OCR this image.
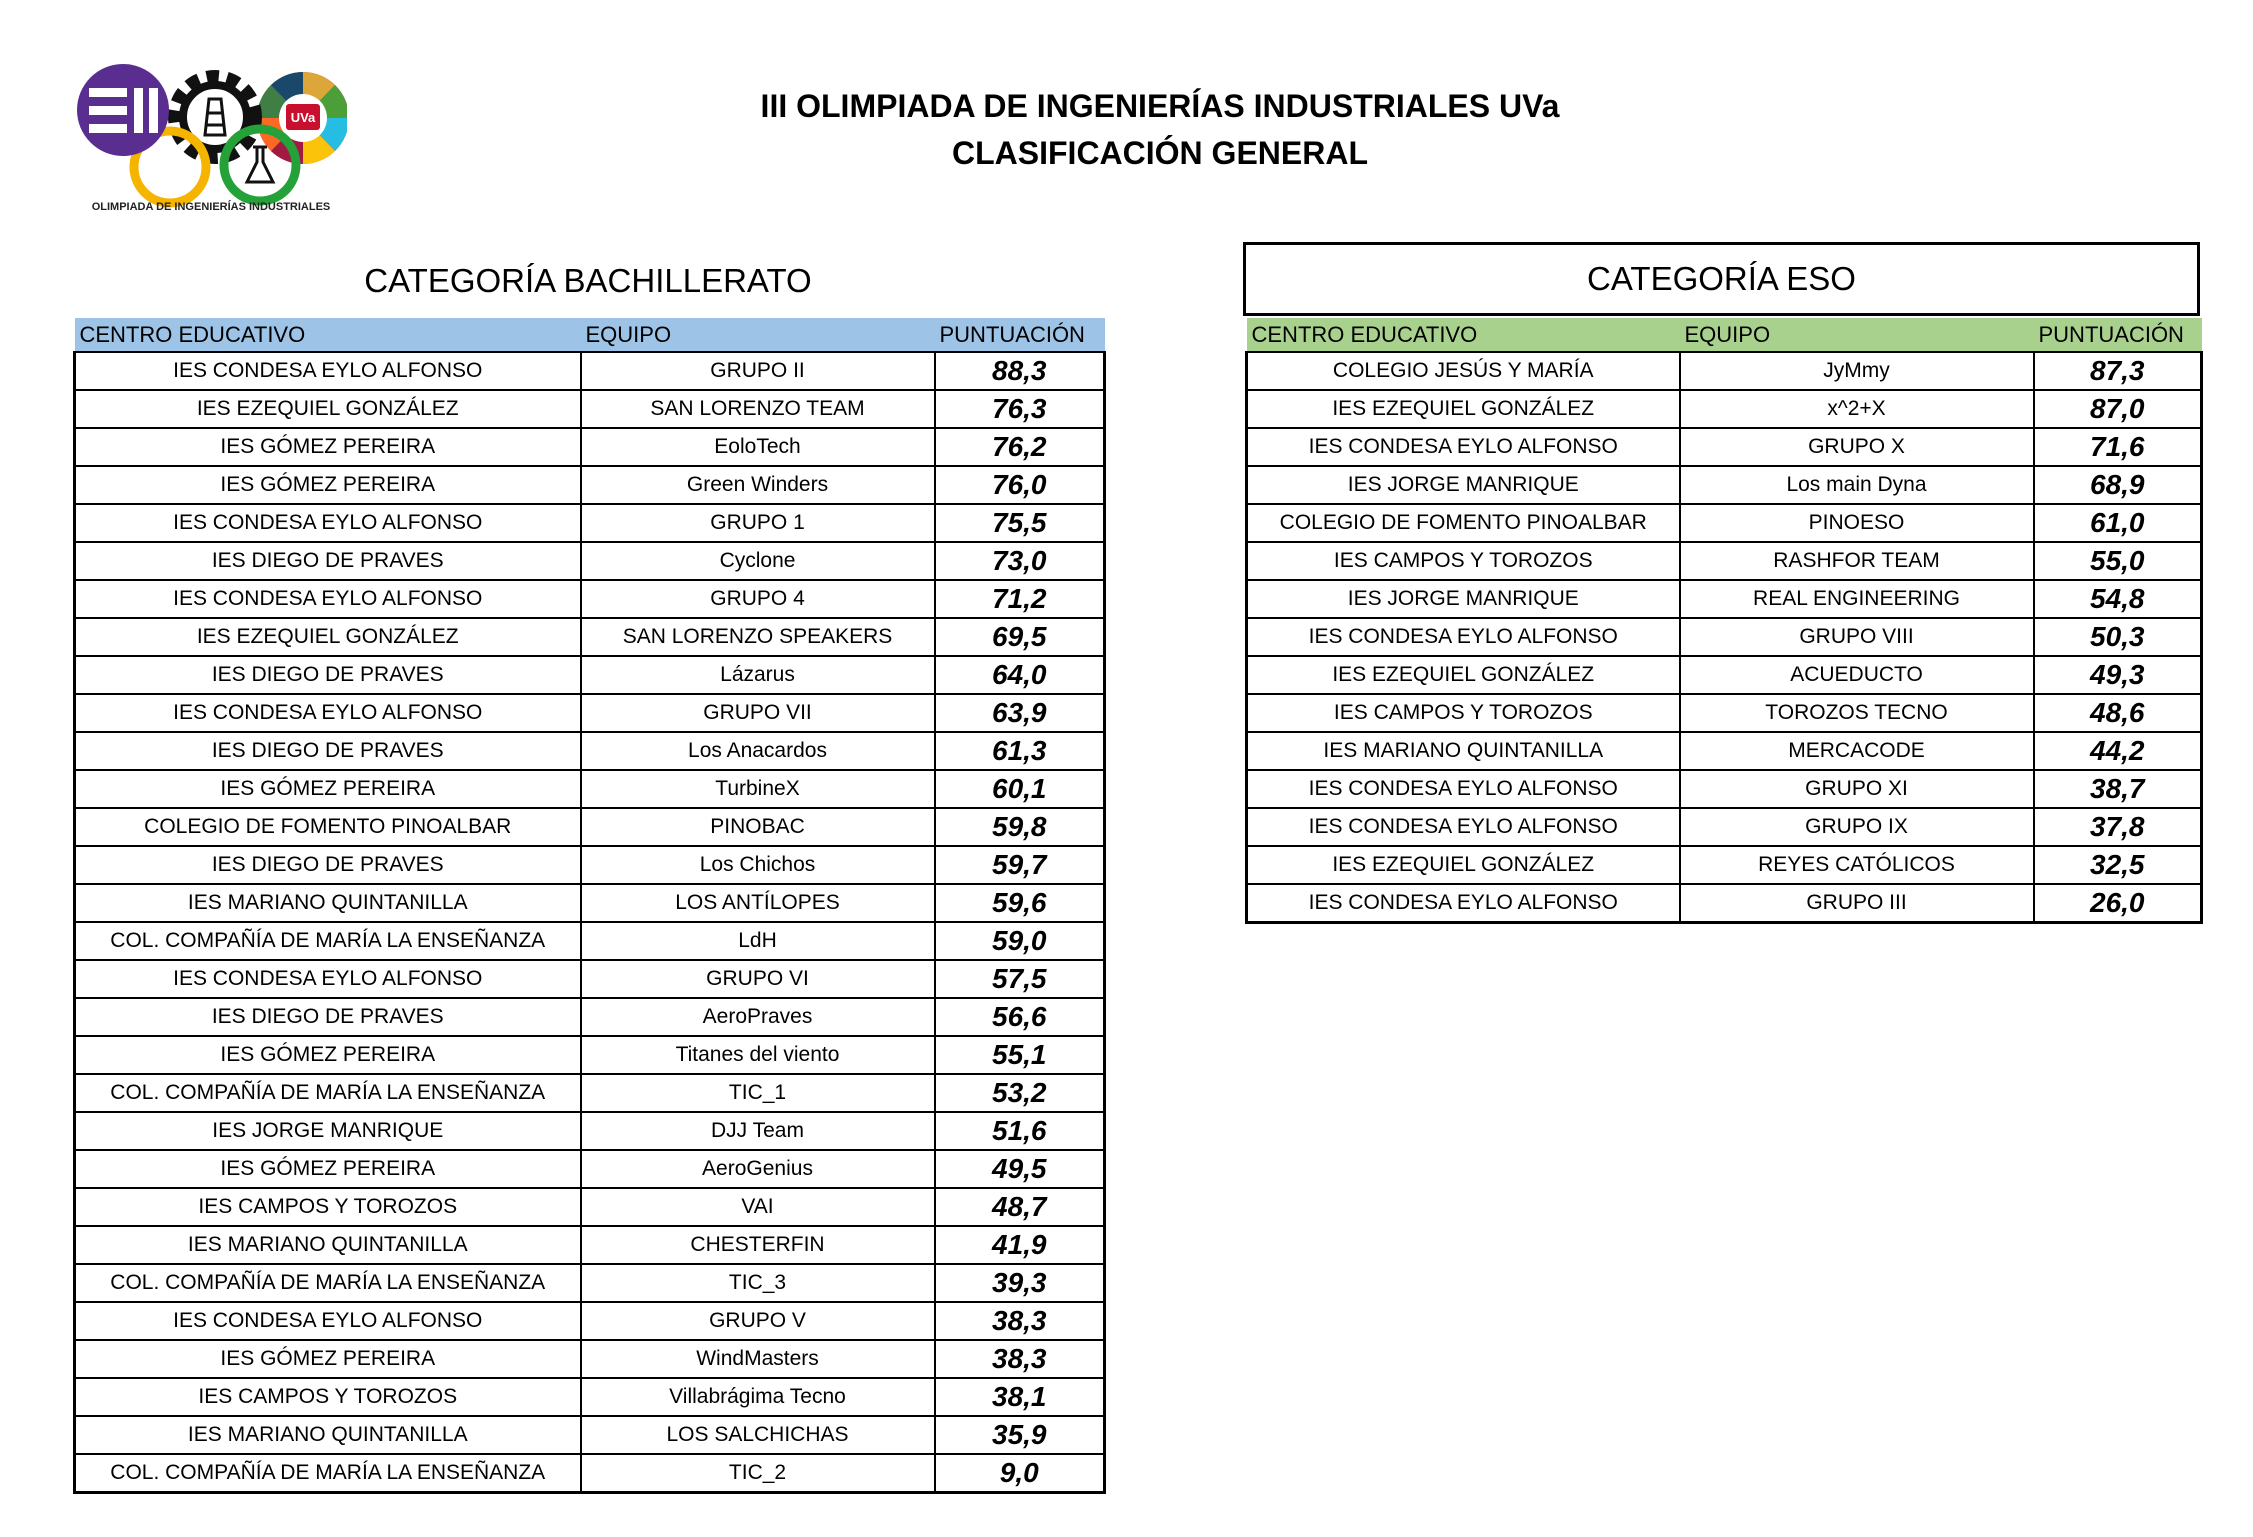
UVa
OLIMPIADA DE INGENIERÍAS INDUSTRIALES
III OLIMPIADA DE INGENIERÍAS INDUSTRIALES UVa
CLASIFICACIÓN GENERAL
CATEGORÍA BACHILLERATO	CATEGORÍA ESO
CENTRO EDUCATIVO	EQUIPO	PUNTUACIÓN
IES CONDESA EYLO ALFONSO	GRUPO II	88,3
IES EZEQUIEL GONZÁLEZ	SAN LORENZO TEAM	76,3
IES GÓMEZ PEREIRA	EoloTech	76,2
IES GÓMEZ PEREIRA	Green Winders	76,0
IES CONDESA EYLO ALFONSO	GRUPO 1	75,5
IES DIEGO DE PRAVES	Cyclone	73,0
IES CONDESA EYLO ALFONSO	GRUPO 4	71,2
IES EZEQUIEL GONZÁLEZ	SAN LORENZO SPEAKERS	69,5
IES DIEGO DE PRAVES	Lázarus	64,0
IES CONDESA EYLO ALFONSO	GRUPO VII	63,9
IES DIEGO DE PRAVES	Los Anacardos	61,3
IES GÓMEZ PEREIRA	TurbineX	60,1
COLEGIO DE FOMENTO PINOALBAR	PINOBAC	59,8
IES DIEGO DE PRAVES	Los Chichos	59,7
IES MARIANO QUINTANILLA	LOS ANTÍLOPES	59,6
COL. COMPAÑÍA DE MARÍA LA ENSEÑANZA	LdH	59,0
IES CONDESA EYLO ALFONSO	GRUPO VI	57,5
IES DIEGO DE PRAVES	AeroPraves	56,6
IES GÓMEZ PEREIRA	Titanes del viento	55,1
COL. COMPAÑÍA DE MARÍA LA ENSEÑANZA	TIC_1	53,2
IES JORGE MANRIQUE	DJJ Team	51,6
IES GÓMEZ PEREIRA	AeroGenius	49,5
IES CAMPOS Y TOROZOS	VAI	48,7
IES MARIANO QUINTANILLA	CHESTERFIN	41,9
COL. COMPAÑÍA DE MARÍA LA ENSEÑANZA	TIC_3	39,3
IES CONDESA EYLO ALFONSO	GRUPO V	38,3
IES GÓMEZ PEREIRA	WindMasters	38,3
IES CAMPOS Y TOROZOS	Villabrágima Tecno	38,1
IES MARIANO QUINTANILLA	LOS SALCHICHAS	35,9
COL. COMPAÑÍA DE MARÍA LA ENSEÑANZA	TIC_2	9,0
CENTRO EDUCATIVO	EQUIPO	PUNTUACIÓN
COLEGIO JESÚS Y MARÍA	JyMmy	87,3
IES EZEQUIEL GONZÁLEZ	x^2+X	87,0
IES CONDESA EYLO ALFONSO	GRUPO X	71,6
IES JORGE MANRIQUE	Los main Dyna	68,9
COLEGIO DE FOMENTO PINOALBAR	PINOESO	61,0
IES CAMPOS Y TOROZOS	RASHFOR TEAM	55,0
IES JORGE MANRIQUE	REAL ENGINEERING	54,8
IES CONDESA EYLO ALFONSO	GRUPO VIII	50,3
IES EZEQUIEL GONZÁLEZ	ACUEDUCTO	49,3
IES CAMPOS Y TOROZOS	TOROZOS TECNO	48,6
IES MARIANO QUINTANILLA	MERCACODE	44,2
IES CONDESA EYLO ALFONSO	GRUPO XI	38,7
IES CONDESA EYLO ALFONSO	GRUPO IX	37,8
IES EZEQUIEL GONZÁLEZ	REYES CATÓLICOS	32,5
IES CONDESA EYLO ALFONSO	GRUPO III	26,0
